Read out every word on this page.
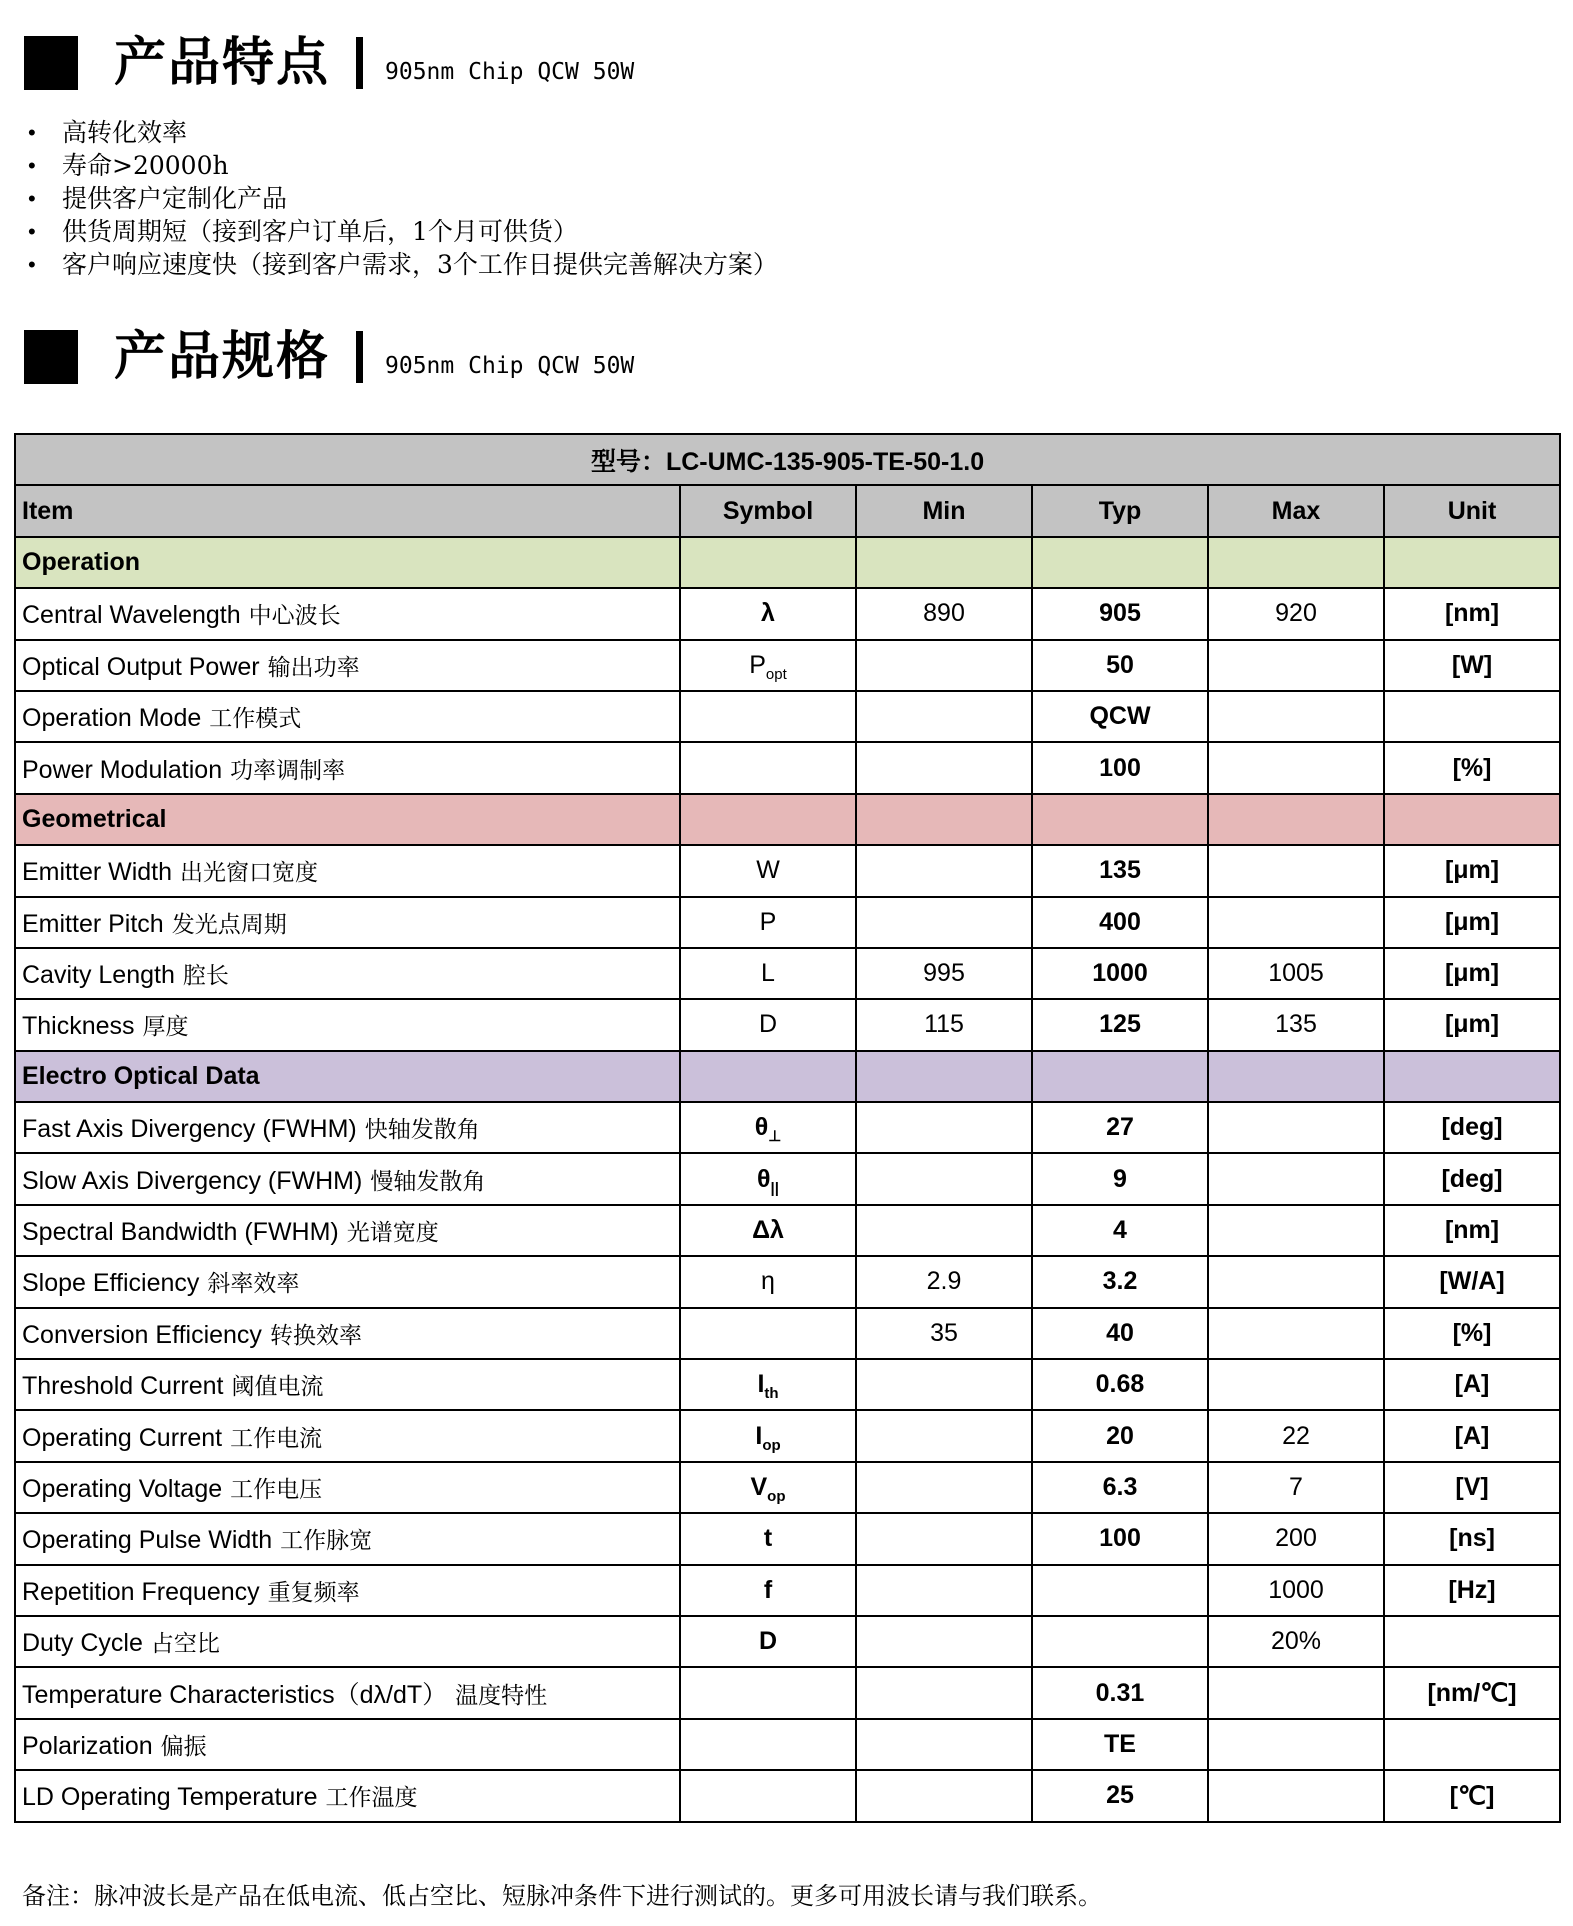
产品特点 905nm Chip QCW 50W
•	高转化效率
•	寿命>20000h
•	提供客户定制化产品
•	供货周期短（接到客户订单后，1个月可供货）
•	客户响应速度快（接到客户需求，3个工作日提供完善解决方案）
产品规格 905nm Chip QCW 50W
型号：LC-UMC-135-905-TE-50-1.0					
Item	Symbol	Min	Typ	Max	Unit
Operation					
Central Wavelength 中心波长	λ	890	905	920	[nm]
Optical Output Power 输出功率	$P_{opt}$		50		[W]
Operation Mode 工作模式			QCW		
Power Modulation 功率调制率			100		[%]
Geometrical					
Emitter Width 出光窗口宽度	W		135		[μm]
Emitter Pitch 发光点周期	P		400		[μm]
Cavity Length 腔长	L	995	1000	1005	[μm]
Thickness 厚度	D	115	125	135	[μm]
Electro Optical Data					
Fast Axis Divergency (FWHM) 快轴发散角	$\theta_\perp$		27		[deg]
Slow Axis Divergency (FWHM) 慢轴发散角	$\theta_{||}$		9		[deg]
Spectral Bandwidth (FWHM) 光谱宽度	Δλ		4		[nm]
Slope Efficiency 斜率效率	η	2.9	3.2		[W/A]
Conversion Efficiency 转换效率		35	40		[%]
Threshold Current 阈值电流	$I_{th}$		0.68		[A]
Operating Current 工作电流	$I_{op}$		20	22	[A]
Operating Voltage 工作电压	$V_{op}$		6.3	7	[V]
Operating Pulse Width 工作脉宽	t		100	200	[ns]
Repetition Frequency 重复频率	f			1000	[Hz]
Duty Cycle 占空比	D			20%	
Temperature Characteristics（dλ/dT） 温度特性			0.31		[nm/℃]
Polarization 偏振			TE		
LD Operating Temperature 工作温度			25		[℃]
备注：脉冲波长是产品在低电流、低占空比、短脉冲条件下进行测试的。更多可用波长请与我们联系。
